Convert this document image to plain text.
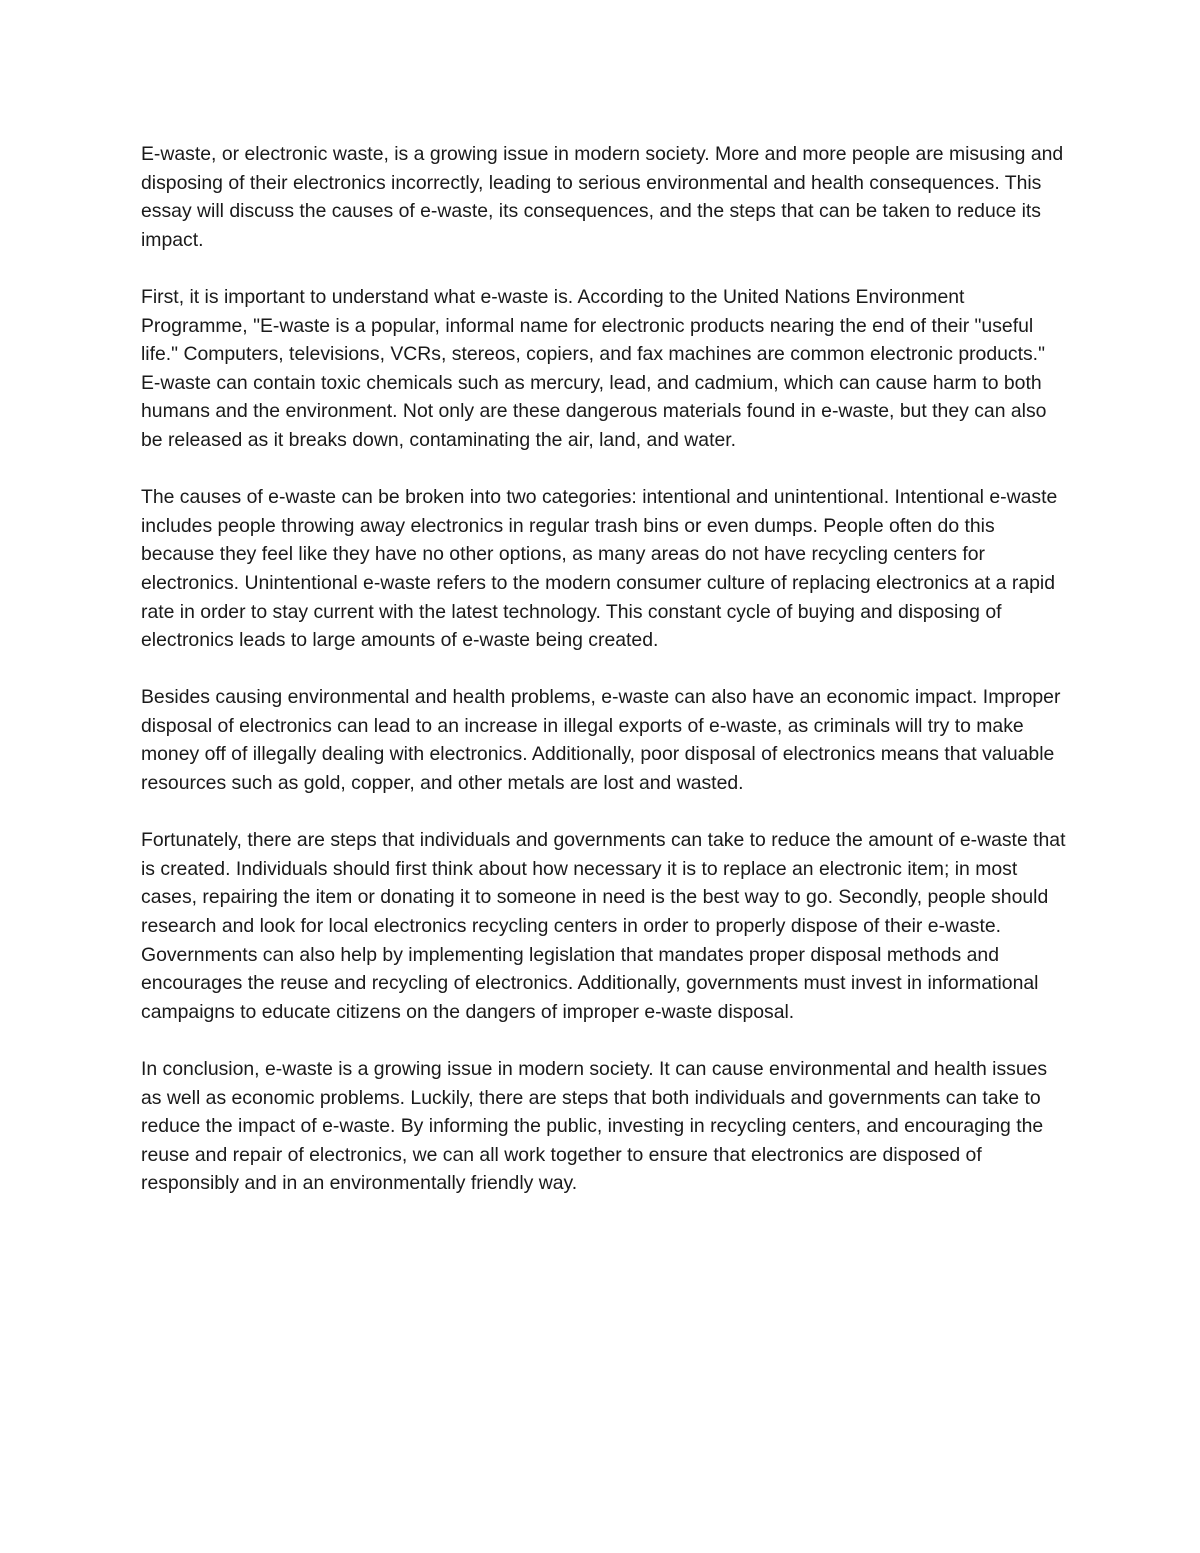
E-waste, or electronic waste, is a growing issue in modern society. More and more people are misusing and disposing of their electronics incorrectly, leading to serious environmental and health consequences. This essay will discuss the causes of e-waste, its consequences, and the steps that can be taken to reduce its impact.

First, it is important to understand what e-waste is. According to the United Nations Environment Programme, "E-waste is a popular, informal name for electronic products nearing the end of their "useful life." Computers, televisions, VCRs, stereos, copiers, and fax machines are common electronic products." E-waste can contain toxic chemicals such as mercury, lead, and cadmium, which can cause harm to both humans and the environment. Not only are these dangerous materials found in e-waste, but they can also be released as it breaks down, contaminating the air, land, and water.

The causes of e-waste can be broken into two categories: intentional and unintentional. Intentional e-waste includes people throwing away electronics in regular trash bins or even dumps. People often do this because they feel like they have no other options, as many areas do not have recycling centers for electronics. Unintentional e-waste refers to the modern consumer culture of replacing electronics at a rapid rate in order to stay current with the latest technology. This constant cycle of buying and disposing of electronics leads to large amounts of e-waste being created.

Besides causing environmental and health problems, e-waste can also have an economic impact. Improper disposal of electronics can lead to an increase in illegal exports of e-waste, as criminals will try to make money off of illegally dealing with electronics. Additionally, poor disposal of electronics means that valuable resources such as gold, copper, and other metals are lost and wasted.

Fortunately, there are steps that individuals and governments can take to reduce the amount of e-waste that is created. Individuals should first think about how necessary it is to replace an electronic item; in most cases, repairing the item or donating it to someone in need is the best way to go. Secondly, people should research and look for local electronics recycling centers in order to properly dispose of their e-waste. Governments can also help by implementing legislation that mandates proper disposal methods and encourages the reuse and recycling of electronics. Additionally, governments must invest in informational campaigns to educate citizens on the dangers of improper e-waste disposal.

In conclusion, e-waste is a growing issue in modern society. It can cause environmental and health issues as well as economic problems. Luckily, there are steps that both individuals and governments can take to reduce the impact of e-waste. By informing the public, investing in recycling centers, and encouraging the reuse and repair of electronics, we can all work together to ensure that electronics are disposed of responsibly and in an environmentally friendly way.
